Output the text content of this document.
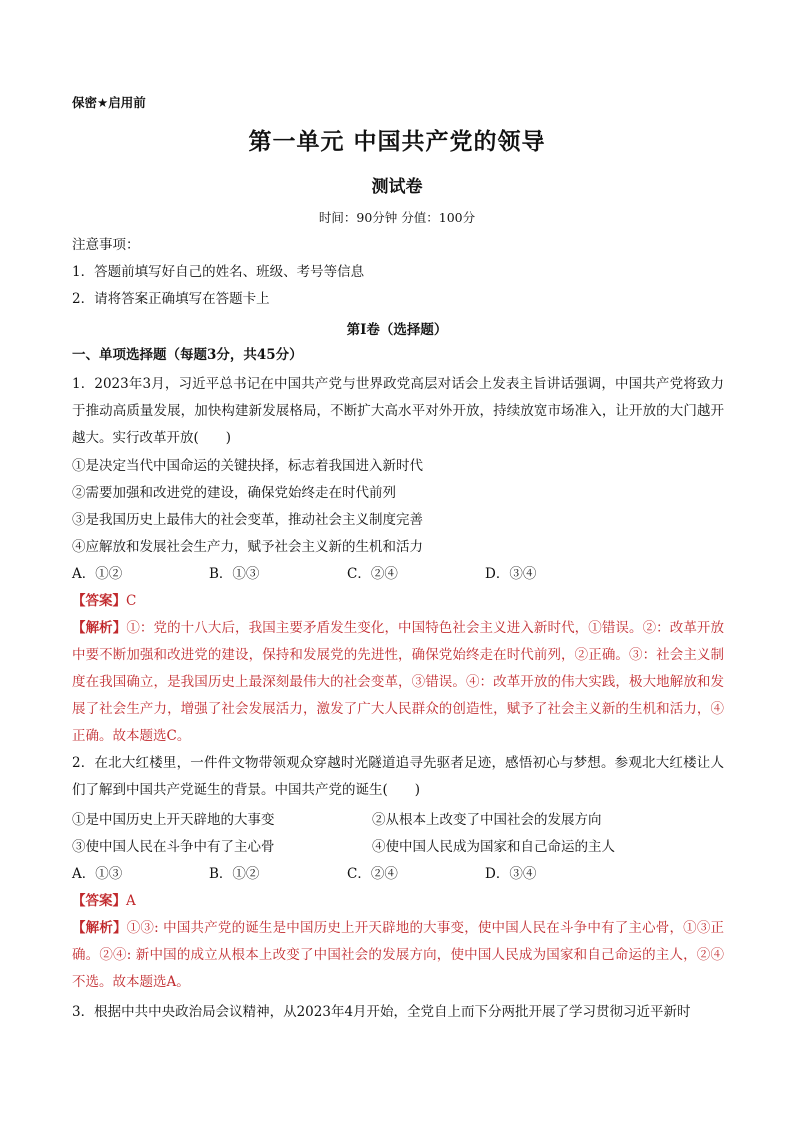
保密★启用前
第一单元 中国共产党的领导
测试卷
时间：90分钟 分值：100分
注意事项：
1．答题前填写好自己的姓名、班级、考号等信息
2．请将答案正确填写在答题卡上
第I卷（选择题）
一、单项选择题（每题3分，共45分）
1．2023年3月，习近平总书记在中国共产党与世界政党高层对话会上发表主旨讲话强调，中国共产党将致力于推动高质量发展，加快构建新发展格局，不断扩大高水平对外开放，持续放宽市场准入，让开放的大门越开越大。实行改革开放(　　)
①是决定当代中国命运的关键抉择，标志着我国进入新时代
②需要加强和改进党的建设，确保党始终走在时代前列
③是我国历史上最伟大的社会变革，推动社会主义制度完善
④应解放和发展社会生产力，赋予社会主义新的生机和活力
A．①②	B．①③	C．②④	D．③④
【答案】C
【解析】①：党的十八大后，我国主要矛盾发生变化，中国特色社会主义进入新时代，①错误。②：改革开放中要不断加强和改进党的建设，保持和发展党的先进性，确保党始终走在时代前列，②正确。③：社会主义制度在我国确立，是我国历史上最深刻最伟大的社会变革，③错误。④：改革开放的伟大实践，极大地解放和发展了社会生产力，增强了社会发展活力，激发了广大人民群众的创造性，赋予了社会主义新的生机和活力，④正确。故本题选C。
2．在北大红楼里，一件件文物带领观众穿越时光隧道追寻先驱者足迹，感悟初心与梦想。参观北大红楼让人们了解到中国共产党诞生的背景。中国共产党的诞生(　　)
①是中国历史上开天辟地的大事变	②从根本上改变了中国社会的发展方向
③使中国人民在斗争中有了主心骨	④使中国人民成为国家和自己命运的主人
A．①③	B．①②	C．②④	D．③④
【答案】A
【解析】①③: 中国共产党的诞生是中国历史上开天辟地的大事变，使中国人民在斗争中有了主心骨，①③正确。②④: 新中国的成立从根本上改变了中国社会的发展方向，使中国人民成为国家和自己命运的主人，②④不选。故本题选A。
3．根据中共中央政治局会议精神，从2023年4月开始，全党自上而下分两批开展了学习贯彻习近平新时
